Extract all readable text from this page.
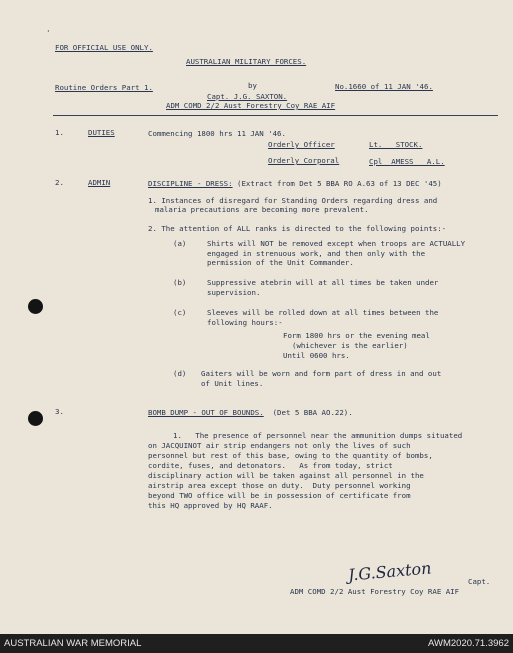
'
FOR OFFICIAL USE ONLY.
AUSTRALIAN MILITARY FORCES.
Routine Orders Part 1.	by	No.1660 of 11 JAN '46.
Capt. J.G. SAXTON.
ADM COMD 2/2 Aust Forestry Coy RAE AIF
1.	DUTIES	Commencing 1800 hrs 11 JAN '46.
Orderly Officer	Lt.   STOCK.
Orderly Corporal	Cpl  AMESS   A.L.
2.	ADMIN	DISCIPLINE - DRESS: (Extract from Det 5 BBA RO A.63 of 13 DEC '45)
1. Instances of disregard for Standing Orders regarding dress and
malaria precautions are becoming more prevalent.
2. The attention of ALL ranks is directed to the following points:-
(a)	Shirts will NOT be removed except when troops are ACTUALLY
engaged in strenuous work, and then only with the
permission of the Unit Commander.
(b)	Suppressive atebrin will at all times be taken under
supervision.
(c)	Sleeves will be rolled down at all times between the
following hours:-
Form 1800 hrs or the evening meal
(whichever is the earlier)
Until 0600 hrs.
(d) Gaiters will be worn and form part of dress in and out
of Unit lines.
3.	BOMB DUMP - OUT OF BOUNDS.  (Det 5 BBA AO.22).
1.   The presence of personnel near the ammunition dumps situated
on JACQUINOT air strip endangers not only the lives of such
personnel but rest of this base, owing to the quantity of bombs,
cordite, fuses, and detonators.   As from today, strict
disciplinary action will be taken against all personnel in the
airstrip area except those on duty.  Duty personnel working
beyond TWO office will be in possession of certificate from
this HQ approved by HQ RAAF.
J.G.Saxton	Capt.
ADM COMD 2/2 Aust Forestry Coy RAE AIF
AUSTRALIAN WAR MEMORIAL	AWM2020.71.3962
